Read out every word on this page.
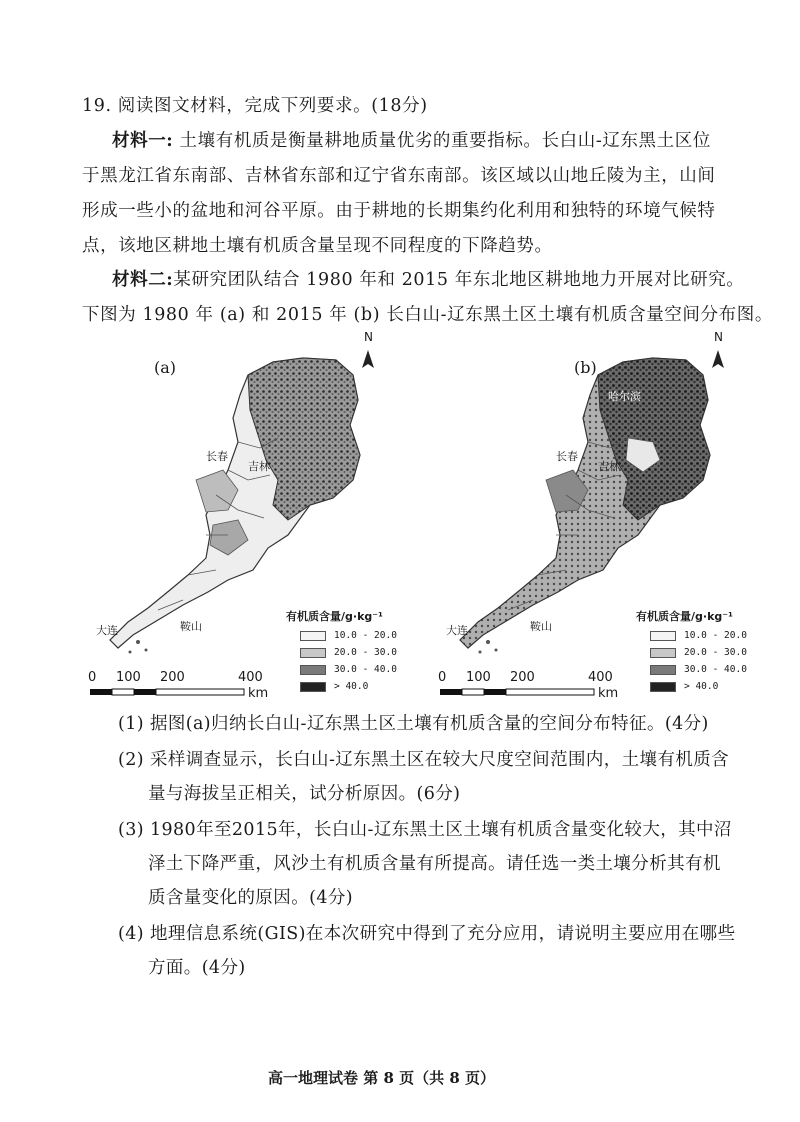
19. 阅读图文材料，完成下列要求。(18分)
材料一: 土壤有机质是衡量耕地质量优劣的重要指标。长白山-辽东黑土区位
于黑龙江省东南部、吉林省东部和辽宁省东南部。该区域以山地丘陵为主，山间
形成一些小的盆地和河谷平原。由于耕地的长期集约化利用和独特的环境气候特
点，该地区耕地土壤有机质含量呈现不同程度的下降趋势。
材料二:某研究团队结合 1980 年和 2015 年东北地区耕地地力开展对比研究。
下图为 1980 年 (a) 和 2015 年 (b) 长白山-辽东黑土区土壤有机质含量空间分布图。
(a)
N
长春
吉林
鞍山
大连
有机质含量/g·kg⁻¹
10.0 - 20.0
20.0 - 30.0
30.0 - 40.0
> 40.0
0 100 200	400
km
(b)
N
哈尔滨
长春
吉林
鞍山
大连
有机质含量/g·kg⁻¹
10.0 - 20.0
20.0 - 30.0
30.0 - 40.0
> 40.0
0 100 200	400
km
(1) 据图(a)归纳长白山-辽东黑土区土壤有机质含量的空间分布特征。(4分)
(2) 采样调查显示，长白山-辽东黑土区在较大尺度空间范围内，土壤有机质含
量与海拔呈正相关，试分析原因。(6分)
(3) 1980年至2015年，长白山-辽东黑土区土壤有机质含量变化较大，其中沼
泽土下降严重，风沙土有机质含量有所提高。请任选一类土壤分析其有机
质含量变化的原因。(4分)
(4) 地理信息系统(GIS)在本次研究中得到了充分应用，请说明主要应用在哪些
方面。(4分)
高一地理试卷 第 8 页（共 8 页）
